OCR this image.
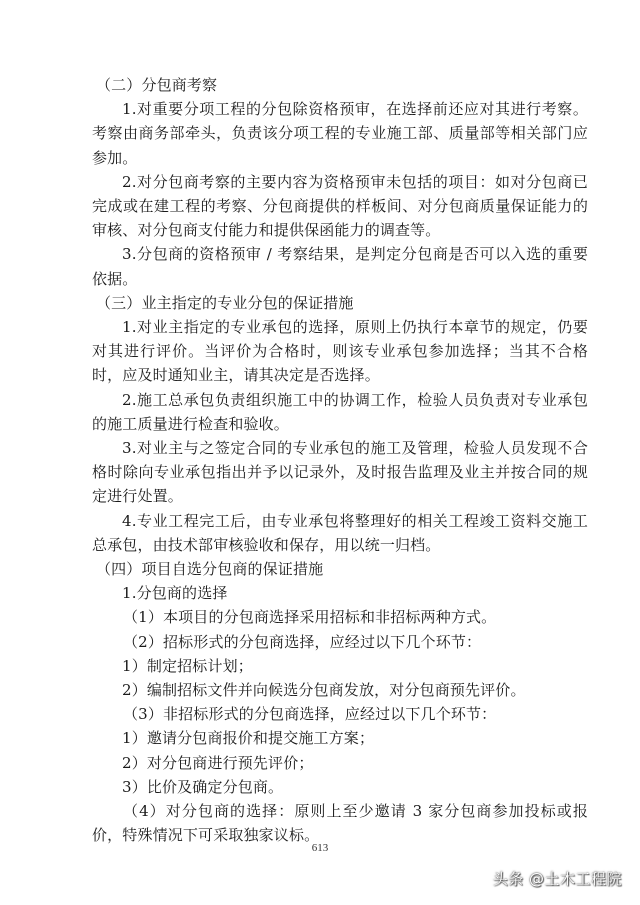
（二）分包商考察

1.对重要分项工程的分包除资格预审，在选择前还应对其进行考察。考察由商务部牵头，负责该分项工程的专业施工部、质量部等相关部门应参加。

2.对分包商考察的主要内容为资格预审未包括的项目：如对分包商已完成或在建工程的考察、分包商提供的样板间、对分包商质量保证能力的审核、对分包商支付能力和提供保函能力的调查等。

3.分包商的资格预审 / 考察结果，是判定分包商是否可以入选的重要依据。

（三）业主指定的专业分包的保证措施

1.对业主指定的专业承包的选择，原则上仍执行本章节的规定，仍要对其进行评价。当评价为合格时，则该专业承包参加选择；当其不合格时，应及时通知业主，请其决定是否选择。

2.施工总承包负责组织施工中的协调工作，检验人员负责对专业承包的施工质量进行检查和验收。

3.对业主与之签定合同的专业承包的施工及管理，检验人员发现不合格时除向专业承包指出并予以记录外，及时报告监理及业主并按合同的规定进行处置。

4.专业工程完工后，由专业承包将整理好的相关工程竣工资料交施工总承包，由技术部审核验收和保存，用以统一归档。

（四）项目自选分包商的保证措施

1.分包商的选择

（1）本项目的分包商选择采用招标和非招标两种方式。

（2）招标形式的分包商选择，应经过以下几个环节：

1）制定招标计划；

2）编制招标文件并向候选分包商发放，对分包商预先评价。

（3）非招标形式的分包商选择，应经过以下几个环节：

1）邀请分包商报价和提交施工方案；

2）对分包商进行预先评价；

3）比价及确定分包商。

（4）对分包商的选择：原则上至少邀请 3 家分包商参加投标或报价，特殊情况下可采取独家议标。

613
头条 @土木工程院
